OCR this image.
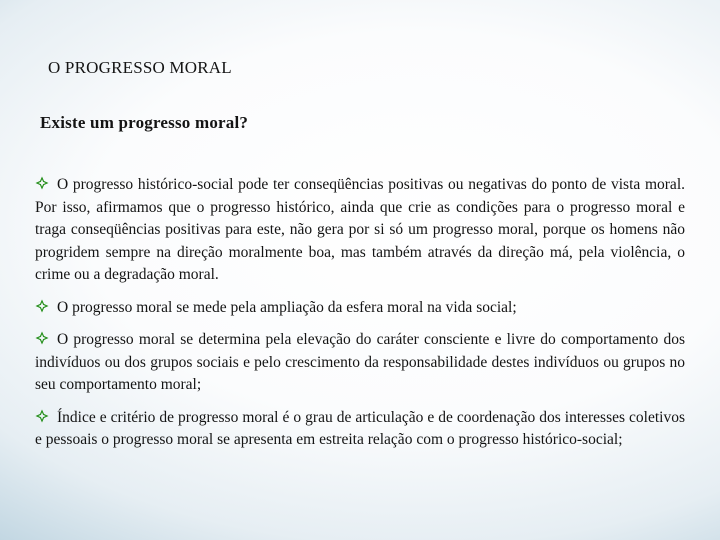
O PROGRESSO MORAL
Existe um progresso moral?
O progresso histórico-social pode ter conseqüências positivas ou negativas do ponto de vista moral. Por isso, afirmamos que o progresso histórico, ainda que crie as condições para o progresso moral e traga conseqüências positivas para este, não gera por si só um progresso moral, porque os homens não progridem sempre na direção moralmente boa, mas também através da direção má, pela violência, o crime ou a degradação moral.
O progresso moral se mede pela ampliação da esfera moral na vida social;
O progresso moral se determina pela elevação do caráter consciente e livre do comportamento dos indivíduos ou dos grupos sociais e pelo crescimento da responsabilidade destes indivíduos ou grupos no seu comportamento moral;
Índice e critério de progresso moral é o grau de articulação e de coordenação dos interesses coletivos e pessoais o progresso moral se apresenta em estreita relação com o progresso histórico-social;
